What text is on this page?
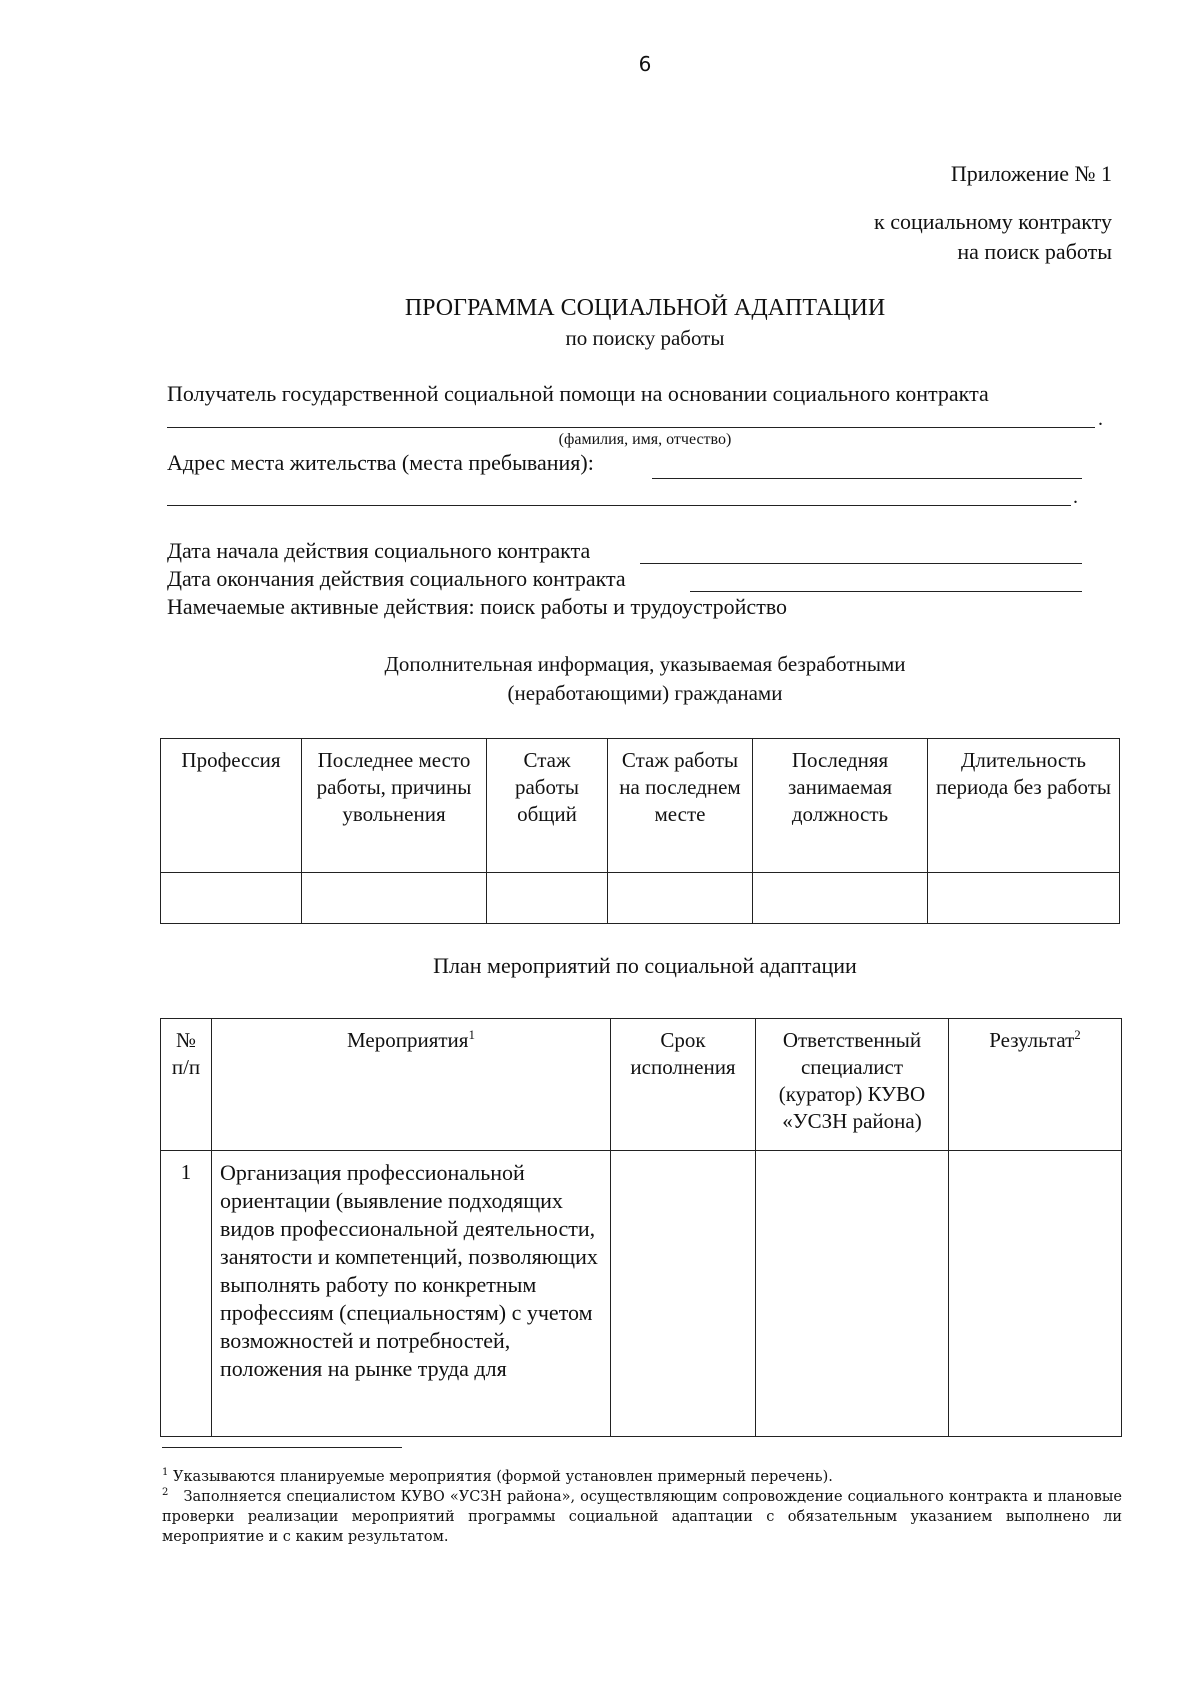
6
Приложение № 1
к социальному контракту
на поиск работы
ПРОГРАММА СОЦИАЛЬНОЙ АДАПТАЦИИ
по поиску работы
Получатель государственной социальной помощи на основании социального контракта
.
(фамилия, имя, отчество)
Адрес места жительства (места пребывания):
.
Дата начала действия социального контракта
Дата окончания действия социального контракта
Намечаемые активные действия: поиск работы и трудоустройство
Дополнительная информация, указываемая безработными
(неработающими) гражданами
Профессия	Последнее место работы, причины увольнения	Стаж работы общий	Стаж работы на последнем месте	Последняя занимаемая должность	Длительность периода без работы

План мероприятий по социальной адаптации
№ п/п	Мероприятия$^1$	Срок исполнения	Ответственный специалист (куратор) КУВО «УСЗН района)	Результат$^2$
1	Организация профессиональной ориентации (выявление подходящих видов профессиональной деятельности, занятости и компетенций, позволяющих выполнять работу по конкретным профессиям (специальностям) с учетом возможностей и потребностей, положения на рынке труда для			

$^1$ Указываются планируемые мероприятия (формой установлен примерный перечень).

$^2$ Заполняется специалистом КУВО «УСЗН района», осуществляющим сопровождение социального контракта и плановые проверки реализации мероприятий программы социальной адаптации с обязательным указанием выполнено ли мероприятие и с каким результатом.
